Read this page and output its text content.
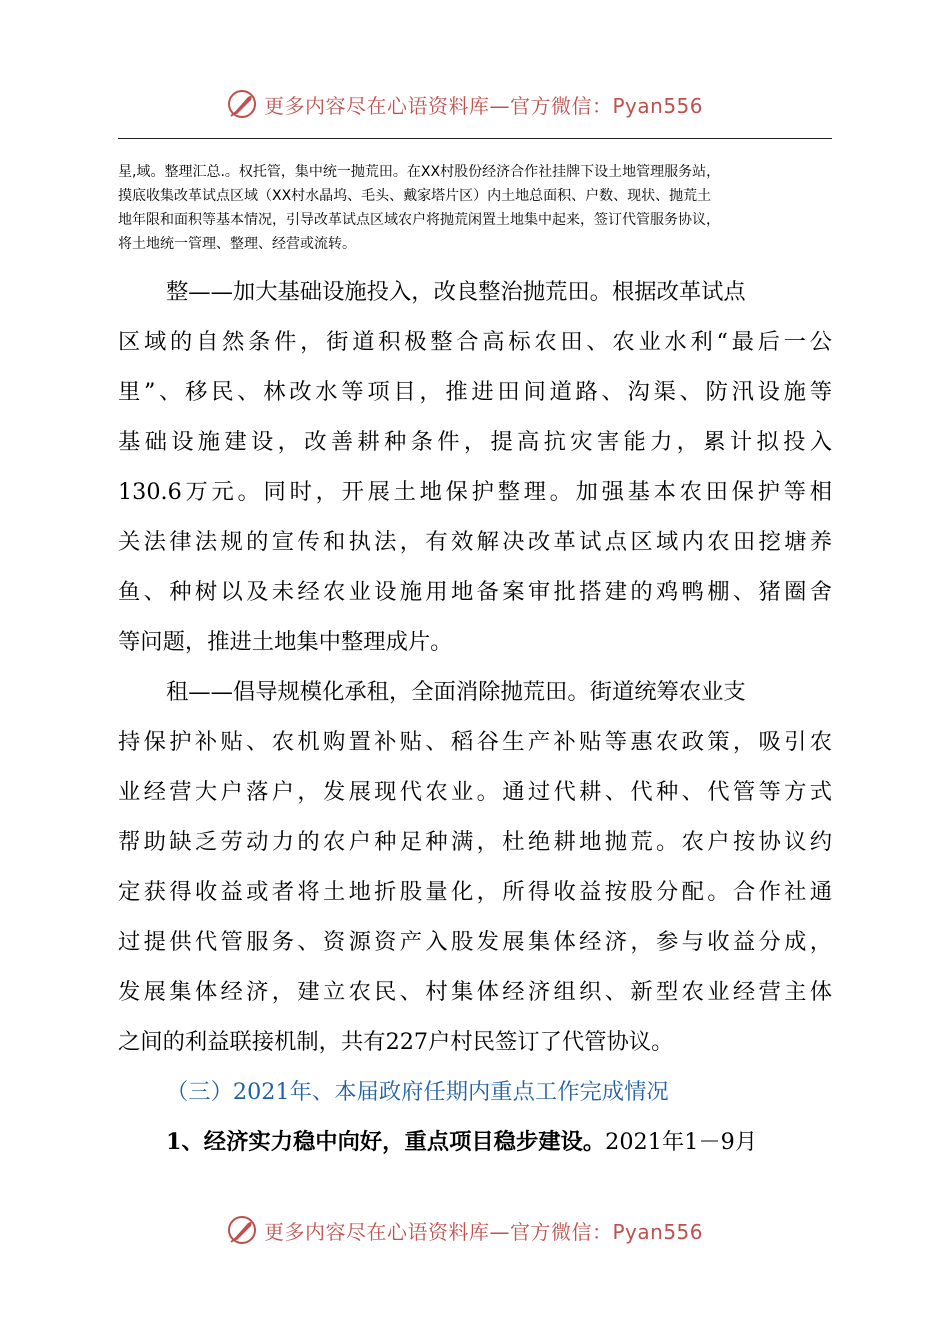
更多内容尽在心语资料库—官方微信：Pyan556

星,域。整理汇总.。权托管，集中统一抛荒田。在XX村股份经济合作社挂牌下设土地管理服务站，
摸底收集改革试点区域（XX村水晶坞、毛头、戴家塔片区）内土地总面积、户数、现状、抛荒土
地年限和面积等基本情况，引导改革试点区域农户将抛荒闲置土地集中起来，签订代管服务协议，
将土地统一管理、整理、经营或流转。

整——加大基础设施投入，改良整治抛荒田。根据改革试点
区域的自然条件，街道积极整合高标农田、农业水利“最后一公
里”、移民、林改水等项目，推进田间道路、沟渠、防汛设施等
基础设施建设，改善耕种条件，提高抗灾害能力，累计拟投入
130.6万元。同时，开展土地保护整理。加强基本农田保护等相
关法律法规的宣传和执法，有效解决改革试点区域内农田挖塘养
鱼、种树以及未经农业设施用地备案审批搭建的鸡鸭棚、猪圈舍
等问题，推进土地集中整理成片。
租——倡导规模化承租，全面消除抛荒田。街道统筹农业支
持保护补贴、农机购置补贴、稻谷生产补贴等惠农政策，吸引农
业经营大户落户，发展现代农业。通过代耕、代种、代管等方式
帮助缺乏劳动力的农户种足种满，杜绝耕地抛荒。农户按协议约
定获得收益或者将土地折股量化，所得收益按股分配。合作社通
过提供代管服务、资源资产入股发展集体经济，参与收益分成，
发展集体经济，建立农民、村集体经济组织、新型农业经营主体
之间的利益联接机制，共有227户村民签订了代管协议。
（三）2021年、本届政府任期内重点工作完成情况
1、经济实力稳中向好，重点项目稳步建设。2021年1－9月
更多内容尽在心语资料库—官方微信：Pyan556
